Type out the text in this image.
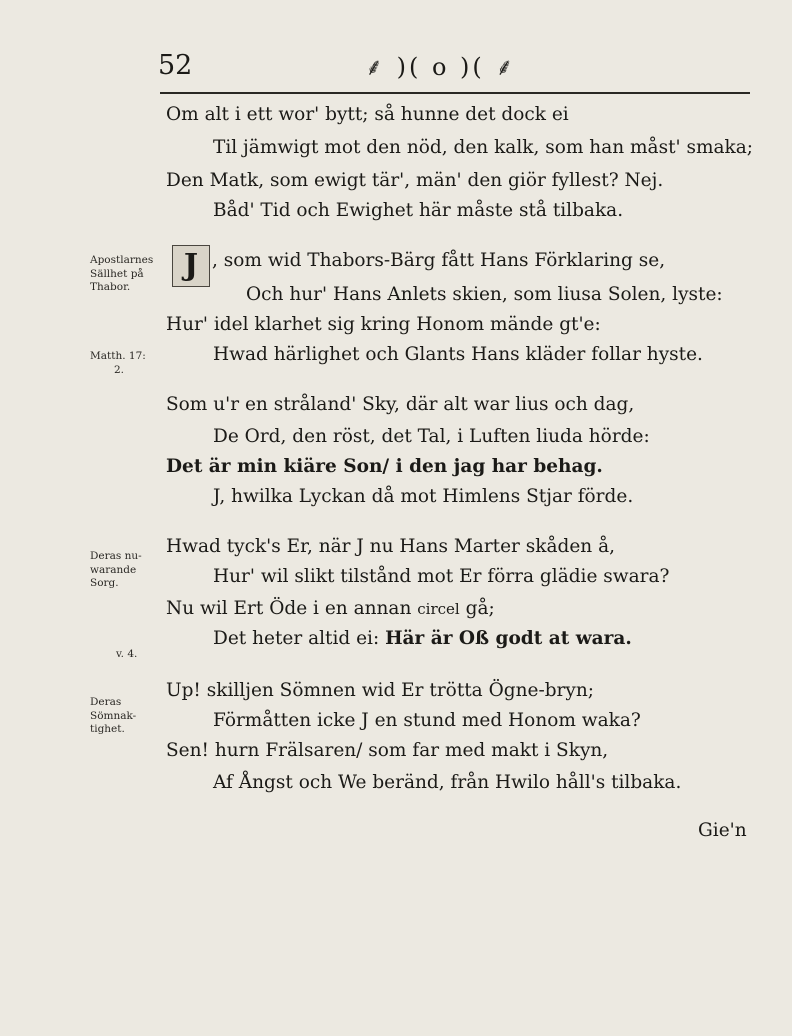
52	⸙ )( o )( ⸙
Om alt i ett wor' bytt; så hunne det dock ei
Til jämwigt mot den nöd, den kalk, som han måst' smaka;
Den Matk, som ewigt tär', män' den giör fyllest? Nej.
Båd' Tid och Ewighet här måste stå tilbaka.
Apostlarnes
Sällhet på
Thabor.
J , som wid Thabors-Bärg fått Hans Förklaring se,
Och hur' Hans Anlets skien, som liusa Solen, lyste:
Hur' idel klarhet sig kring Honom mände gt'e:
Hwad härlighet och Glants Hans kläder follar hyste.
Matth. 17:
2.
Som u'r en stråland' Sky, där alt war lius och dag,
De Ord, den röst, det Tal, i Luften liuda hörde:
Det är min kiäre Son/ i den jag har behag.
J, hwilka Lyckan då mot Himlens Stjar förde.
Deras nu-
warande
Sorg.
Hwad tyck's Er, när J nu Hans Marter skåden å,
Hur' wil slikt tilstånd mot Er förra glädie swara?
Nu wil Ert Öde i en annan circel gå;
Det heter altid ei: Här är Oß godt at wara.
v. 4.
Deras
Sömnak-
tighet.
Up! skilljen Sömnen wid Er trötta Ögne-bryn;
Förmåtten icke J en stund med Honom waka?
Sen! hurn Frälsaren/ som far med makt i Skyn,
Af Ångst och We beränd, från Hwilo håll's tilbaka.
Gie'n
